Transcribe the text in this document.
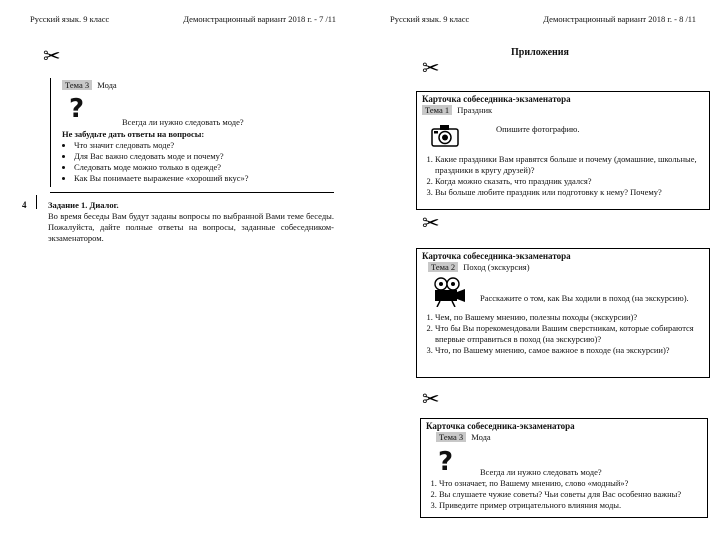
Русский язык. 9 класс	Демонстрационный вариант 2018 г. - 7 /11
✂
Тема 3 Мода
?	Всегда ли нужно следовать моде?
Не забудьте дать ответы на вопросы:
• Что значит следовать моде?
• Для Вас важно следовать моде и почему?
• Следовать моде можно только в одежде?
• Как Вы понимаете выражение «хороший вкус»?
4	Задание 1. Диалог.
Во время беседы Вам будут заданы вопросы по выбранной Вами теме беседы. Пожалуйста, дайте полные ответы на вопросы, заданные собеседником-экзаменатором.
Русский язык. 9 класс	Демонстрационный вариант 2018 г. - 8 /11
Приложения
✂
Карточка собеседника-экзаменатора
Тема 1 Праздник
Опишите фотографию.
1. Какие праздники Вам нравятся больше и почему (домашние, школьные, праздники в кругу друзей)?
2. Когда можно сказать, что праздник удался?
3. Вы больше любите праздник или подготовку к нему? Почему?
✂
Карточка собеседника-экзаменатора
Тема 2 Поход (экскурсия)
Расскажите о том, как Вы ходили в поход (на экскурсию).
1. Чем, по Вашему мнению, полезны походы (экскурсии)?
2. Что бы Вы порекомендовали Вашим сверстникам, которые собираются впервые отправиться в поход (на экскурсию)?
3. Что, по Вашему мнению, самое важное в походе (на экскурсии)?
✂
Карточка собеседника-экзаменатора
Тема 3 Мода
?	Всегда ли нужно следовать моде?
1. Что означает, по Вашему мнению, слово «модный»?
2. Вы слушаете чужие советы? Чьи советы для Вас особенно важны?
3. Приведите пример отрицательного влияния моды.
